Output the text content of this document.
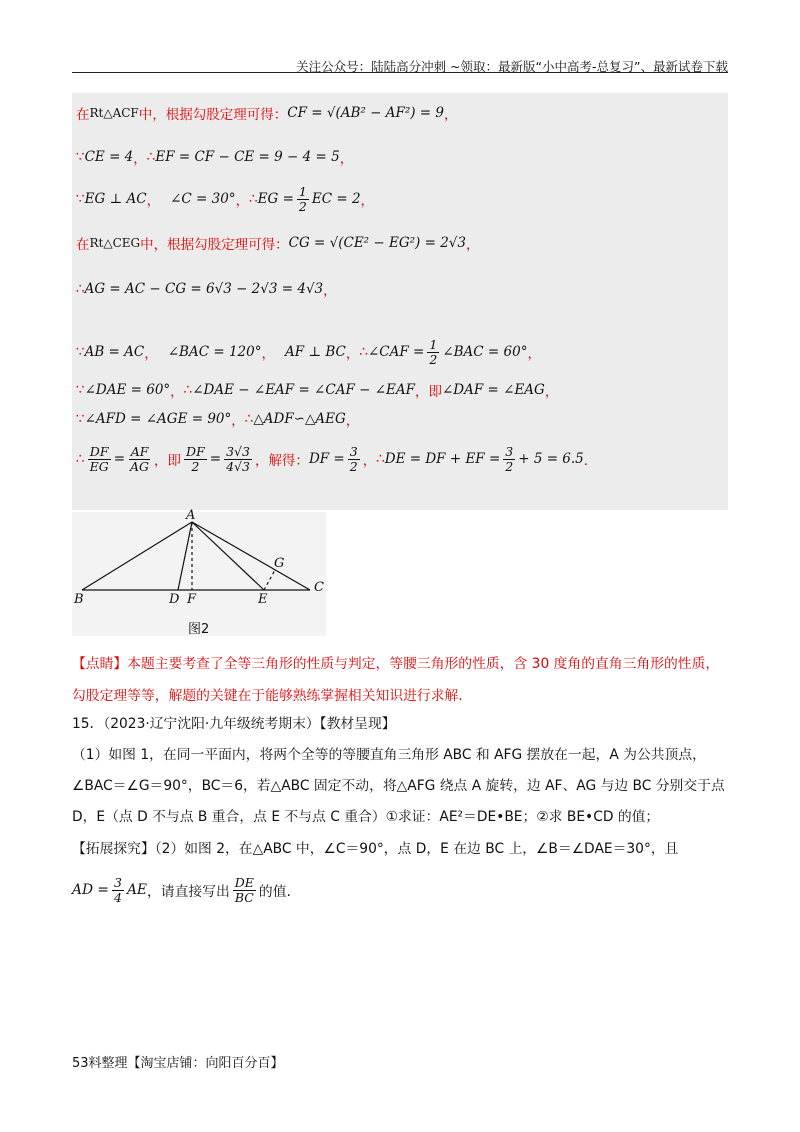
关注公众号：陆陆高分冲刺 ~领取：最新版“小中高考-总复习”、最新试卷下载
在 Rt△ACF 中，根据勾股定理可得： CF = √(AB² − AF²) = 9 ，
∵ CE = 4 ， ∴ EF = CF − CE = 9 − 4 = 5 ，
∵ EG ⊥ AC ， ∠C = 30° ， ∴ EG = $\frac{1}{2}$ EC = 2 ，
在 Rt△CEG 中，根据勾股定理可得： CG = √(CE² − EG²) = 2√3 ，
∴ AG = AC − CG = 6√3 − 2√3 = 4√3 ，
∵ AB = AC ， ∠BAC = 120° ， AF ⊥ BC ， ∴ ∠CAF = $\frac{1}{2}$ ∠BAC = 60° ，
∵ ∠DAE = 60° ， ∴ ∠DAE − ∠EAF = ∠CAF − ∠EAF ，即 ∠DAF = ∠EAG ，
∵ ∠AFD = ∠AGE = 90° ， ∴ △ADF∽△AEG ，
∴ $\frac{DF}{EG} = \frac{AF}{AG}$ ， 即 $\frac{DF}{2} = \frac{3√3}{4√3}$ ， 解得： DF = $\frac{3}{2}$ ， ∴ DE = DF + EF = $\frac{3}{2} + 5 = 6.5$ ．
A
B	D F	E
G
C
图2
【点睛】本题主要考查了全等三角形的性质与判定，等腰三角形的性质，含 30 度角的直角三角形的性质，
勾股定理等等，解题的关键在于能够熟练掌握相关知识进行求解.
15．（2023·辽宁沈阳·九年级统考期末）【教材呈现】
（1）如图 1，在同一平面内，将两个全等的等腰直角三角形 ABC 和 AFG 摆放在一起，A 为公共顶点，
∠BAC＝∠G＝90°，BC＝6，若△ABC 固定不动，将△AFG 绕点 A 旋转，边 AF、AG 与边 BC 分别交于点
D，E（点 D 不与点 B 重合，点 E 不与点 C 重合）①求证：AE²＝DE•BE；②求 BE•CD 的值；
【拓展探究】（2）如图 2，在△ABC 中，∠C＝90°，点 D，E 在边 BC 上，∠B＝∠DAE＝30°，且
AD = $\frac{3}{4}$ AE ，请直接写出 $\frac{DE}{BC}$ 的值.
53料整理【淘宝店铺：向阳百分百】
